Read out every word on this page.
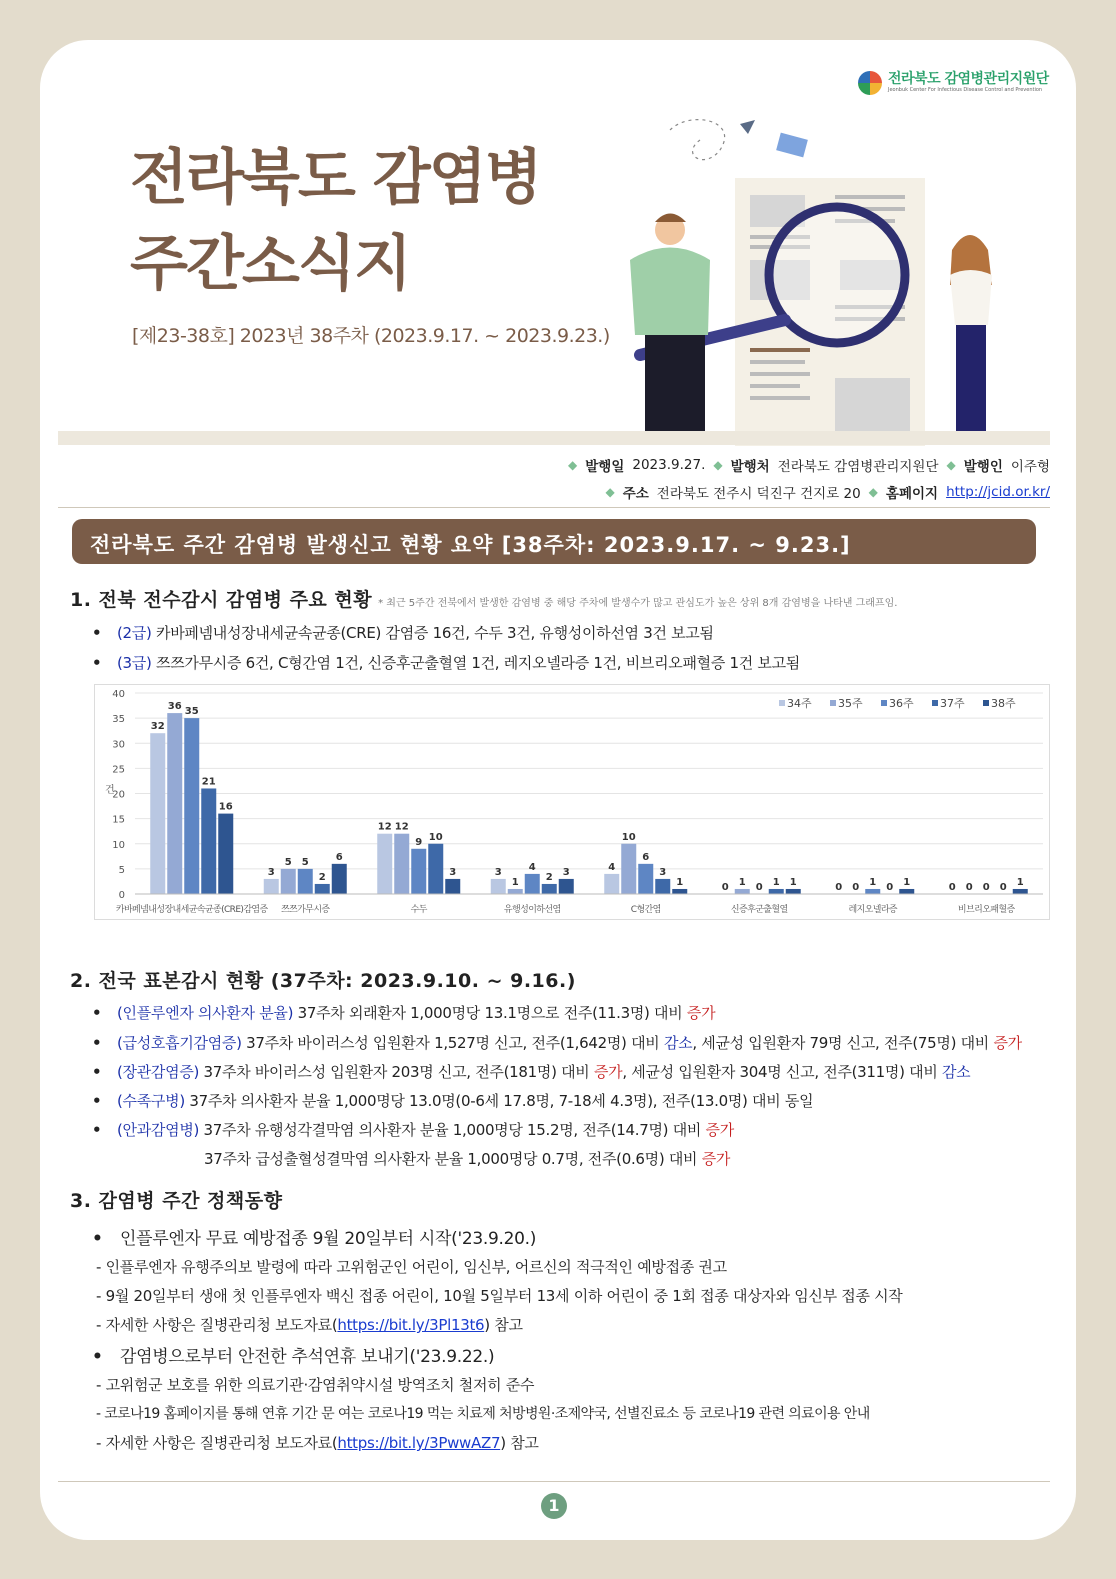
전라북도 감염병관리지원단
Jeonbuk Center For Infectious Disease Control and Prevention
전라북도 감염병
주간소식지
[제23-38호] 2023년 38주차 (2023.9.17. ~ 2023.9.23.)
◆ 발행일 2023.9.27. ◆ 발행처 전라북도 감염병관리지원단 ◆ 발행인 이주형
◆ 주소 전라북도 전주시 덕진구 건지로 20 ◆ 홈페이지 http://jcid.or.kr/
전라북도 주간 감염병 발생신고 현황 요약 [38주차: 2023.9.17. ~ 9.23.]
1. 전북 전수감시 감염병 주요 현황 * 최근 5주간 전북에서 발생한 감염병 중 해당 주차에 발생수가 많고 관심도가 높은 상위 8개 감염병을 나타낸 그래프임.
• (2급) 카바페넴내성장내세균속균종(CRE) 감염증 16건, 수두 3건, 유행성이하선염 3건 보고됨
• (3급) 쯔쯔가무시증 6건, C형간염 1건, 신증후군출혈열 1건, 레지오넬라증 1건, 비브리오패혈증 1건 보고됨
0
5
10
15
20
25
30
35
40
건
32
36 35
21
16
카바페넴내성장내세균속균종(CRE)감염증
3
5 5
2
6
쯔쯔가무시증
12 12
9 10
3
수두
3
1
4
2 3
유행성이하선염
4
10
6
3
1
C형간염
0 1 0 1 1
신증후군출혈열
0 0 1 0 1
레지오넬라증
0 0 0 0 1
비브리오패혈증
34주 35주 36주 37주 38주
2. 전국 표본감시 현황 (37주차: 2023.9.10. ~ 9.16.)
• (인플루엔자 의사환자 분율) 37주차 외래환자 1,000명당 13.1명으로 전주(11.3명) 대비 증가
• (급성호흡기감염증) 37주차 바이러스성 입원환자 1,527명 신고, 전주(1,642명) 대비 감소, 세균성 입원환자 79명 신고, 전주(75명) 대비 증가
• (장관감염증) 37주차 바이러스성 입원환자 203명 신고, 전주(181명) 대비 증가, 세균성 입원환자 304명 신고, 전주(311명) 대비 감소
• (수족구병) 37주차 의사환자 분율 1,000명당 13.0명(0-6세 17.8명, 7-18세 4.3명), 전주(13.0명) 대비 동일
• (안과감염병) 37주차 유행성각결막염 의사환자 분율 1,000명당 15.2명, 전주(14.7명) 대비 증가
37주차 급성출혈성결막염 의사환자 분율 1,000명당 0.7명, 전주(0.6명) 대비 증가
3. 감염병 주간 정책동향
• 인플루엔자 무료 예방접종 9월 20일부터 시작('23.9.20.)
- 인플루엔자 유행주의보 발령에 따라 고위험군인 어린이, 임신부, 어르신의 적극적인 예방접종 권고
- 9월 20일부터 생애 첫 인플루엔자 백신 접종 어린이, 10월 5일부터 13세 이하 어린이 중 1회 접종 대상자와 임신부 접종 시작
- 자세한 사항은 질병관리청 보도자료(https://bit.ly/3Pl13t6) 참고
• 감염병으로부터 안전한 추석연휴 보내기('23.9.22.)
- 고위험군 보호를 위한 의료기관·감염취약시설 방역조치 철저히 준수
- 코로나19 홈페이지를 통해 연휴 기간 문 여는 코로나19 먹는 치료제 처방병원·조제약국, 선별진료소 등 코로나19 관련 의료이용 안내
- 자세한 사항은 질병관리청 보도자료(https://bit.ly/3PwwAZ7) 참고
1
